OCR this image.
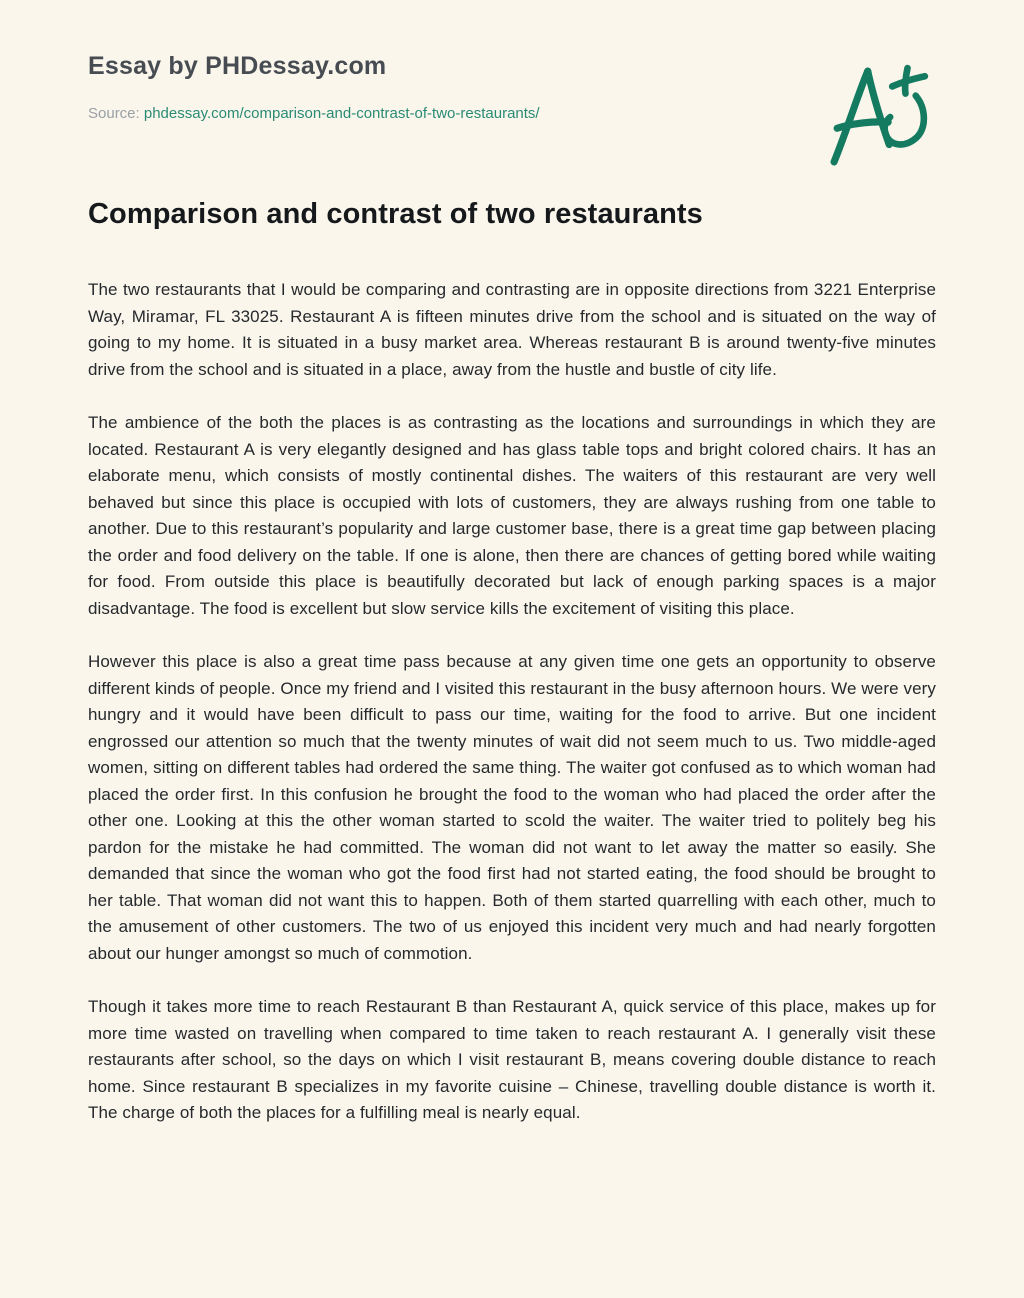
Essay by PHDessay.com

Source: phdessay.com/comparison-and-contrast-of-two-restaurants/

Comparison and contrast of two restaurants

The two restaurants that I would be comparing and contrasting are in opposite directions from 3221 Enterprise Way, Miramar, FL 33025. Restaurant A is fifteen minutes drive from the school and is situated on the way of going to my home. It is situated in a busy market area. Whereas restaurant B is around twenty-five minutes drive from the school and is situated in a place, away from the hustle and bustle of city life.

The ambience of the both the places is as contrasting as the locations and surroundings in which they are located. Restaurant A is very elegantly designed and has glass table tops and bright colored chairs. It has an elaborate menu, which consists of mostly continental dishes. The waiters of this restaurant are very well behaved but since this place is occupied with lots of customers, they are always rushing from one table to another. Due to this restaurant’s popularity and large customer base, there is a great time gap between placing the order and food delivery on the table. If one is alone, then there are chances of getting bored while waiting for food. From outside this place is beautifully decorated but lack of enough parking spaces is a major disadvantage. The food is excellent but slow service kills the excitement of visiting this place.

However this place is also a great time pass because at any given time one gets an opportunity to observe different kinds of people. Once my friend and I visited this restaurant in the busy afternoon hours. We were very hungry and it would have been difficult to pass our time, waiting for the food to arrive. But one incident engrossed our attention so much that the twenty minutes of wait did not seem much to us. Two middle-aged women, sitting on different tables had ordered the same thing. The waiter got confused as to which woman had placed the order first. In this confusion he brought the food to the woman who had placed the order after the other one. Looking at this the other woman started to scold the waiter. The waiter tried to politely beg his pardon for the mistake he had committed. The woman did not want to let away the matter so easily. She demanded that since the woman who got the food first had not started eating, the food should be brought to her table. That woman did not want this to happen. Both of them started quarrelling with each other, much to the amusement of other customers. The two of us enjoyed this incident very much and had nearly forgotten about our hunger amongst so much of commotion.

Though it takes more time to reach Restaurant B than Restaurant A, quick service of this place, makes up for more time wasted on travelling when compared to time taken to reach restaurant A. I generally visit these restaurants after school, so the days on which I visit restaurant B, means covering double distance to reach home. Since restaurant B specializes in my favorite cuisine – Chinese, travelling double distance is worth it. The charge of both the places for a fulfilling meal is nearly equal.
